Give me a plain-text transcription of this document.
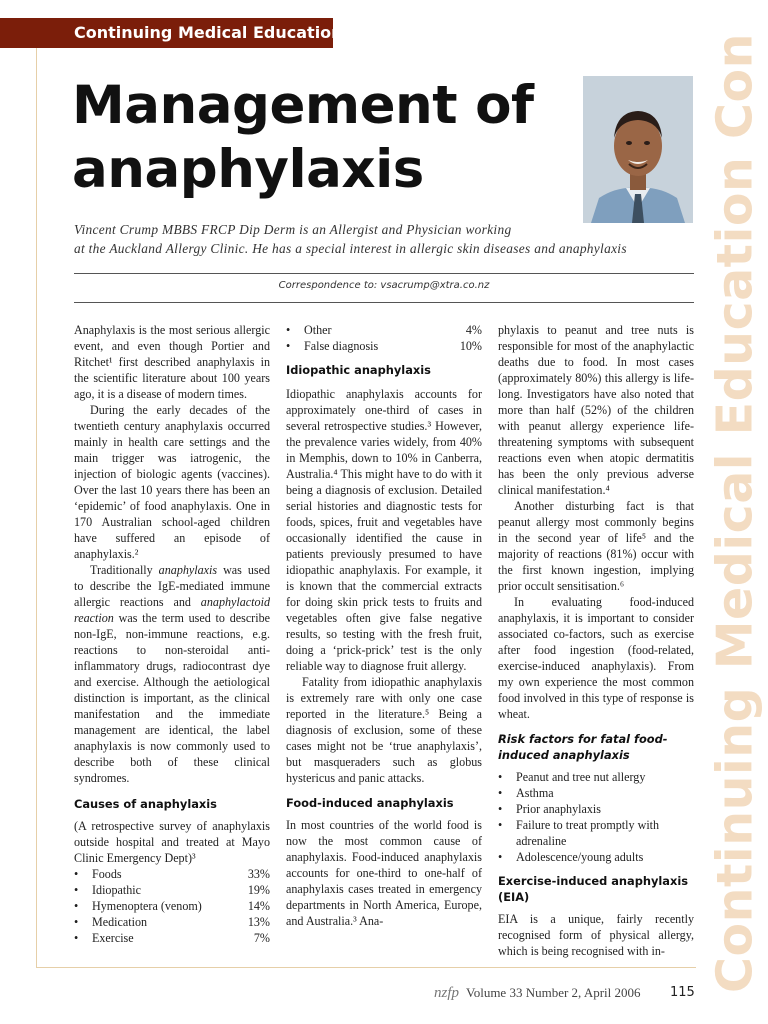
Continuing Medical Education
Continuing Medical Education Con
Management of
anaphylaxis

Vincent Crump MBBS FRCP Dip Derm is an Allergist and Physician working
at the Auckland Allergy Clinic. He has a special interest in allergic skin diseases and anaphylaxis

Correspondence to: vsacrump@xtra.co.nz

Anaphylaxis is the most serious allergic event, and even though Portier and Ritchet¹ first described anaphylaxis in the scientific literature about 100 years ago, it is a disease of modern times.

During the early decades of the twentieth century anaphylaxis occurred mainly in health care settings and the main trigger was iatrogenic, the injection of biologic agents (vaccines). Over the last 10 years there has been an ‘epidemic’ of food anaphylaxis. One in 170 Australian school-aged children have suffered an episode of anaphylaxis.²

Traditionally anaphylaxis was used to describe the IgE-mediated immune allergic reactions and anaphylactoid reaction was the term used to describe non-IgE, non-immune reactions, e.g. reactions to non-steroidal anti-inflammatory drugs, radiocontrast dye and exercise. Although the aetiological distinction is important, as the clinical manifestation and the immediate management are identical, the label anaphylaxis is now commonly used to describe both of these clinical syndromes.

Causes of anaphylaxis

(A retrospective survey of anaphylaxis outside hospital and treated at Mayo Clinic Emergency Dept)³

• Foods	33%
• Idiopathic	19%
• Hymenoptera (venom)	14%
• Medication	13%
• Exercise	7%
• Other	4%
• False diagnosis	10%
Idiopathic anaphylaxis

Idiopathic anaphylaxis accounts for approximately one-third of cases in several retrospective studies.³ However, the prevalence varies widely, from 40% in Memphis, down to 10% in Canberra, Australia.⁴ This might have to do with it being a diagnosis of exclusion. Detailed serial histories and diagnostic tests for foods, spices, fruit and vegetables have occasionally identified the cause in patients previously presumed to have idiopathic anaphylaxis. For example, it is known that the commercial extracts for doing skin prick tests to fruits and vegetables often give false negative results, so testing with the fresh fruit, doing a ‘prick-prick’ test is the only reliable way to diagnose fruit allergy.

Fatality from idiopathic anaphylaxis is extremely rare with only one case reported in the literature.⁵ Being a diagnosis of exclusion, some of these cases might not be ‘true anaphylaxis’, but masqueraders such as globus hystericus and panic attacks.

Food-induced anaphylaxis

In most countries of the world food is now the most common cause of anaphylaxis. Food-induced anaphylaxis accounts for one-third to one-half of anaphylaxis cases treated in emergency departments in North America, Europe, and Australia.³ Ana-

phylaxis to peanut and tree nuts is responsible for most of the anaphylactic deaths due to food. In most cases (approximately 80%) this allergy is life-long. Investigators have also noted that more than half (52%) of the children with peanut allergy experience life-threatening symptoms with subsequent reactions even when atopic dermatitis has been the only previous adverse clinical manifestation.⁴

Another disturbing fact is that peanut allergy most commonly begins in the second year of life⁵ and the majority of reactions (81%) occur with the first known ingestion, implying prior occult sensitisation.⁶

In evaluating food-induced anaphylaxis, it is important to consider associated co-factors, such as exercise after food ingestion (food-related, exercise-induced anaphylaxis). From my own experience the most common food involved in this type of response is wheat.

Risk factors for fatal food-induced anaphylaxis
• Peanut and tree nut allergy
• Asthma
• Prior anaphylaxis
• Failure to treat promptly with adrenaline
• Adolescence/young adults
Exercise-induced anaphylaxis (EIA)

EIA is a unique, fairly recently recognised form of physical allergy, which is being recognised with in-

nzfp Volume 33 Number 2, April 2006 115
